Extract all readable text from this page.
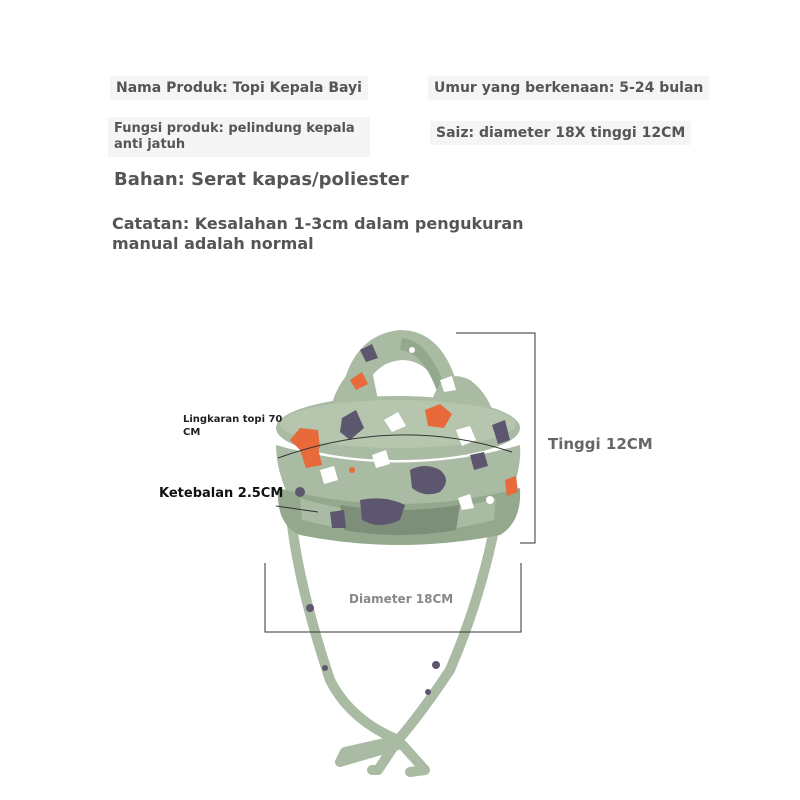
Nama Produk: Topi Kepala Bayi	Umur yang berkenaan: 5-24 bulan
Fungsi produk: pelindung kepala anti jatuh
Saiz: diameter 18X tinggi 12CM
Bahan: Serat kapas/poliester
Catatan: Kesalahan 1-3cm dalam pengukuran manual adalah normal
Lingkaran topi 70 CM
Ketebalan 2.5CM
Tinggi 12CM
Diameter 18CM
